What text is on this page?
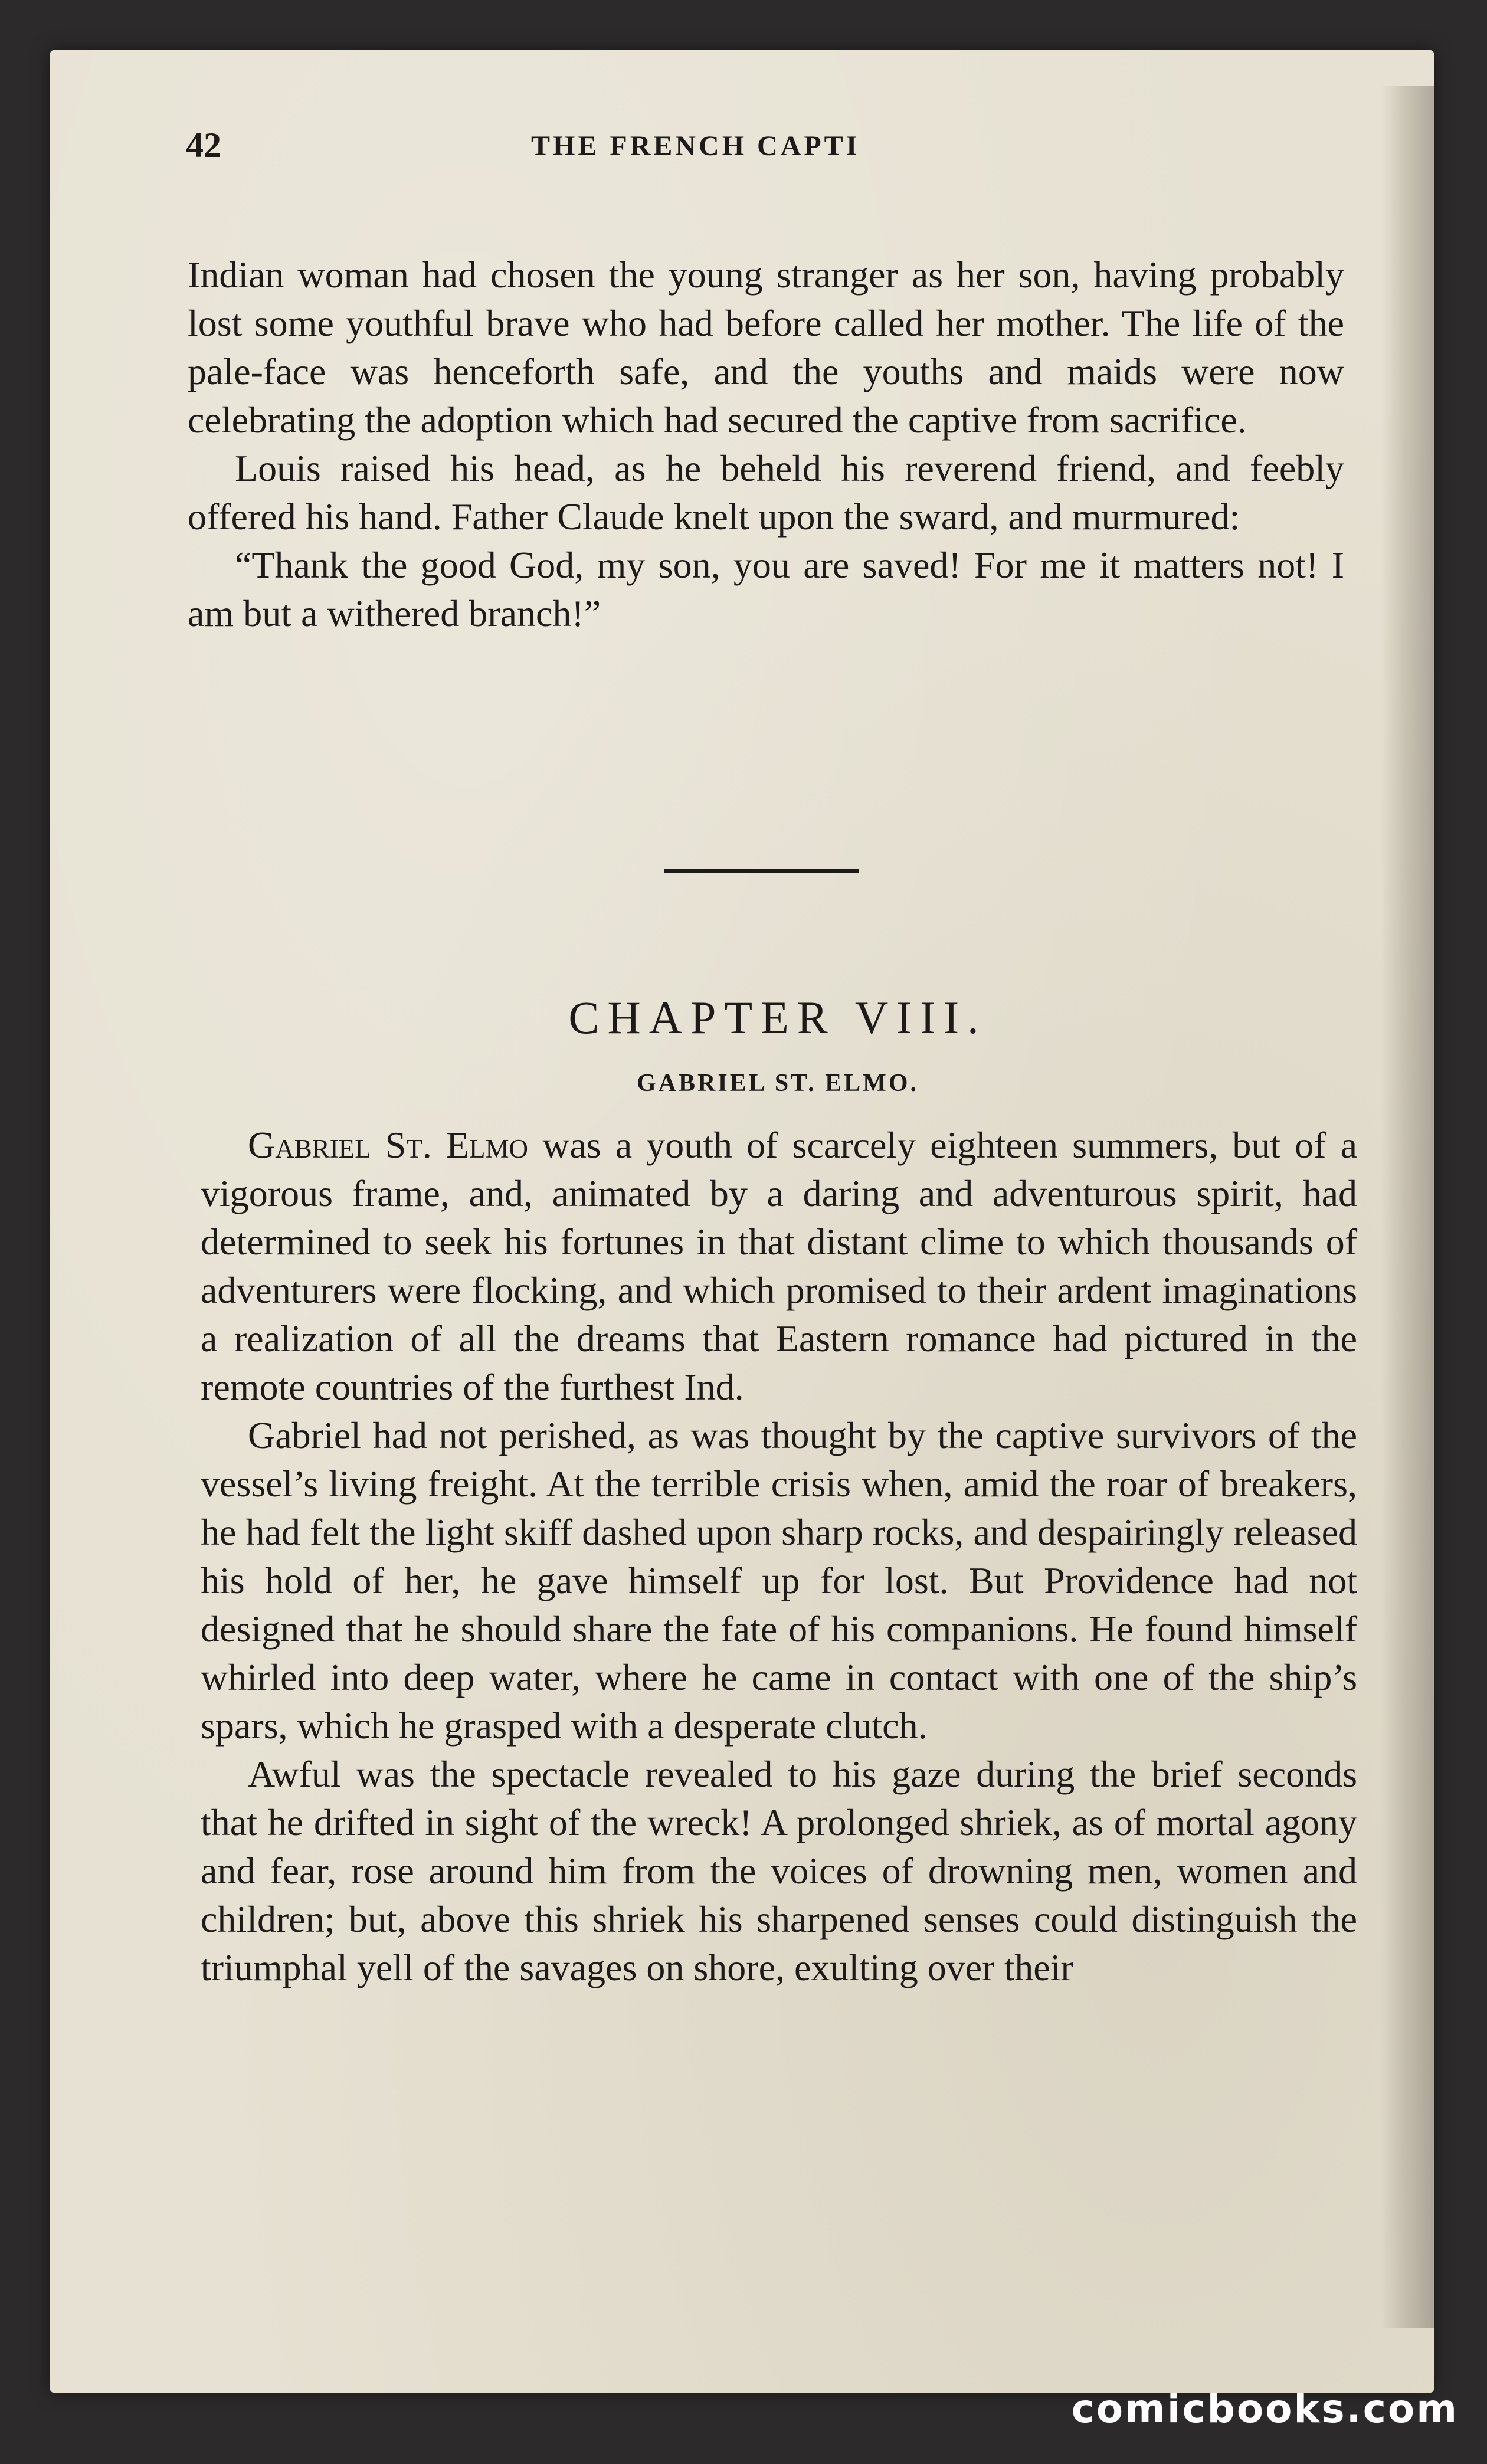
42	THE FRENCH CAPTI

Indian woman had chosen the young stranger as her son, having probably lost some youthful brave who had before called her mother. The life of the pale-face was henceforth safe, and the youths and maids were now celebrating the adoption which had secured the captive from sacrifice.

Louis raised his head, as he beheld his reverend friend, and feebly offered his hand. Father Claude knelt upon the sward, and murmured:

“Thank the good God, my son, you are saved! For me it matters not! I am but a withered branch!”

CHAPTER VIII.
GABRIEL ST. ELMO.

Gabriel St. Elmo was a youth of scarcely eighteen summers, but of a vigorous frame, and, animated by a daring and adventurous spirit, had determined to seek his fortunes in that distant clime to which thousands of adventurers were flocking, and which promised to their ardent imaginations a realization of all the dreams that Eastern romance had pictured in the remote countries of the furthest Ind.

Gabriel had not perished, as was thought by the captive survivors of the vessel’s living freight. At the terrible crisis when, amid the roar of breakers, he had felt the light skiff dashed upon sharp rocks, and despairingly released his hold of her, he gave himself up for lost. But Providence had not designed that he should share the fate of his companions. He found himself whirled into deep water, where he came in contact with one of the ship’s spars, which he grasped with a desperate clutch.

Awful was the spectacle revealed to his gaze during the brief seconds that he drifted in sight of the wreck! A prolonged shriek, as of mortal agony and fear, rose around him from the voices of drowning men, women and children; but, above this shriek his sharpened senses could distinguish the triumphal yell of the savages on shore, exulting over their

comicbooks.com
